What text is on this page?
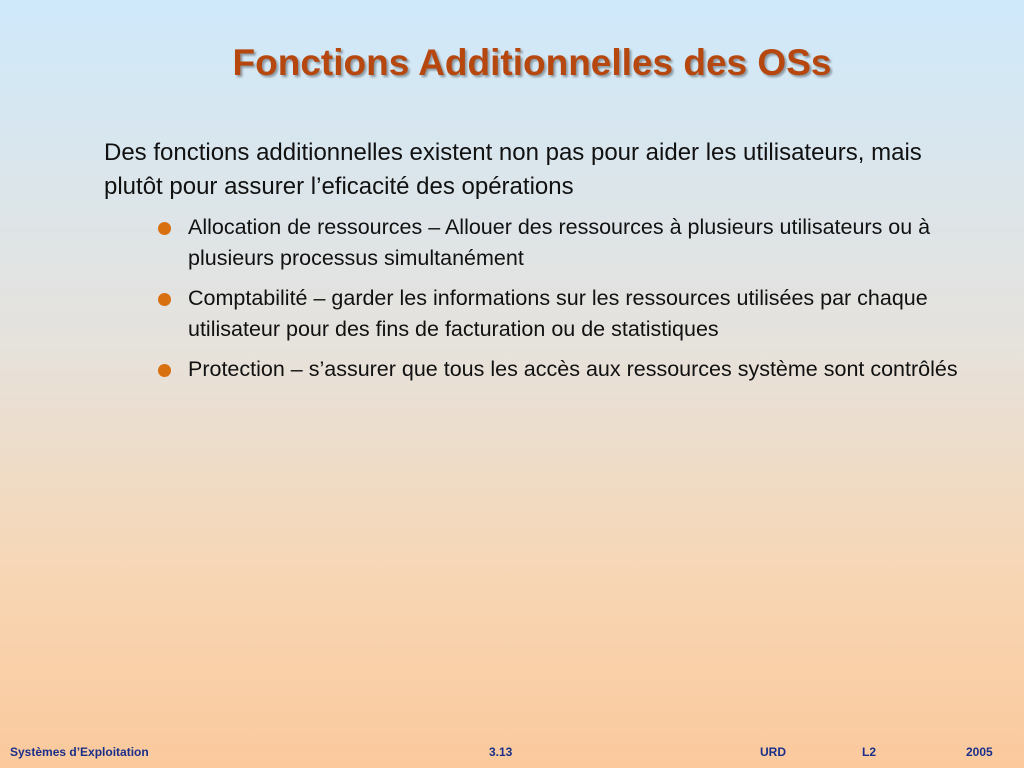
Fonctions Additionnelles des OSs
Des fonctions additionnelles existent non pas pour aider les utilisateurs, mais plutôt pour assurer l’eficacité des opérations
Allocation de ressources – Allouer des ressources à plusieurs utilisateurs ou à plusieurs processus simultanément
Comptabilité – garder les informations sur les ressources utilisées par chaque utilisateur pour des fins de facturation ou de statistiques
Protection – s’assurer que tous les accès aux ressources système sont contrôlés
Systèmes d’Exploitation	3.13	URD	L2	2005
